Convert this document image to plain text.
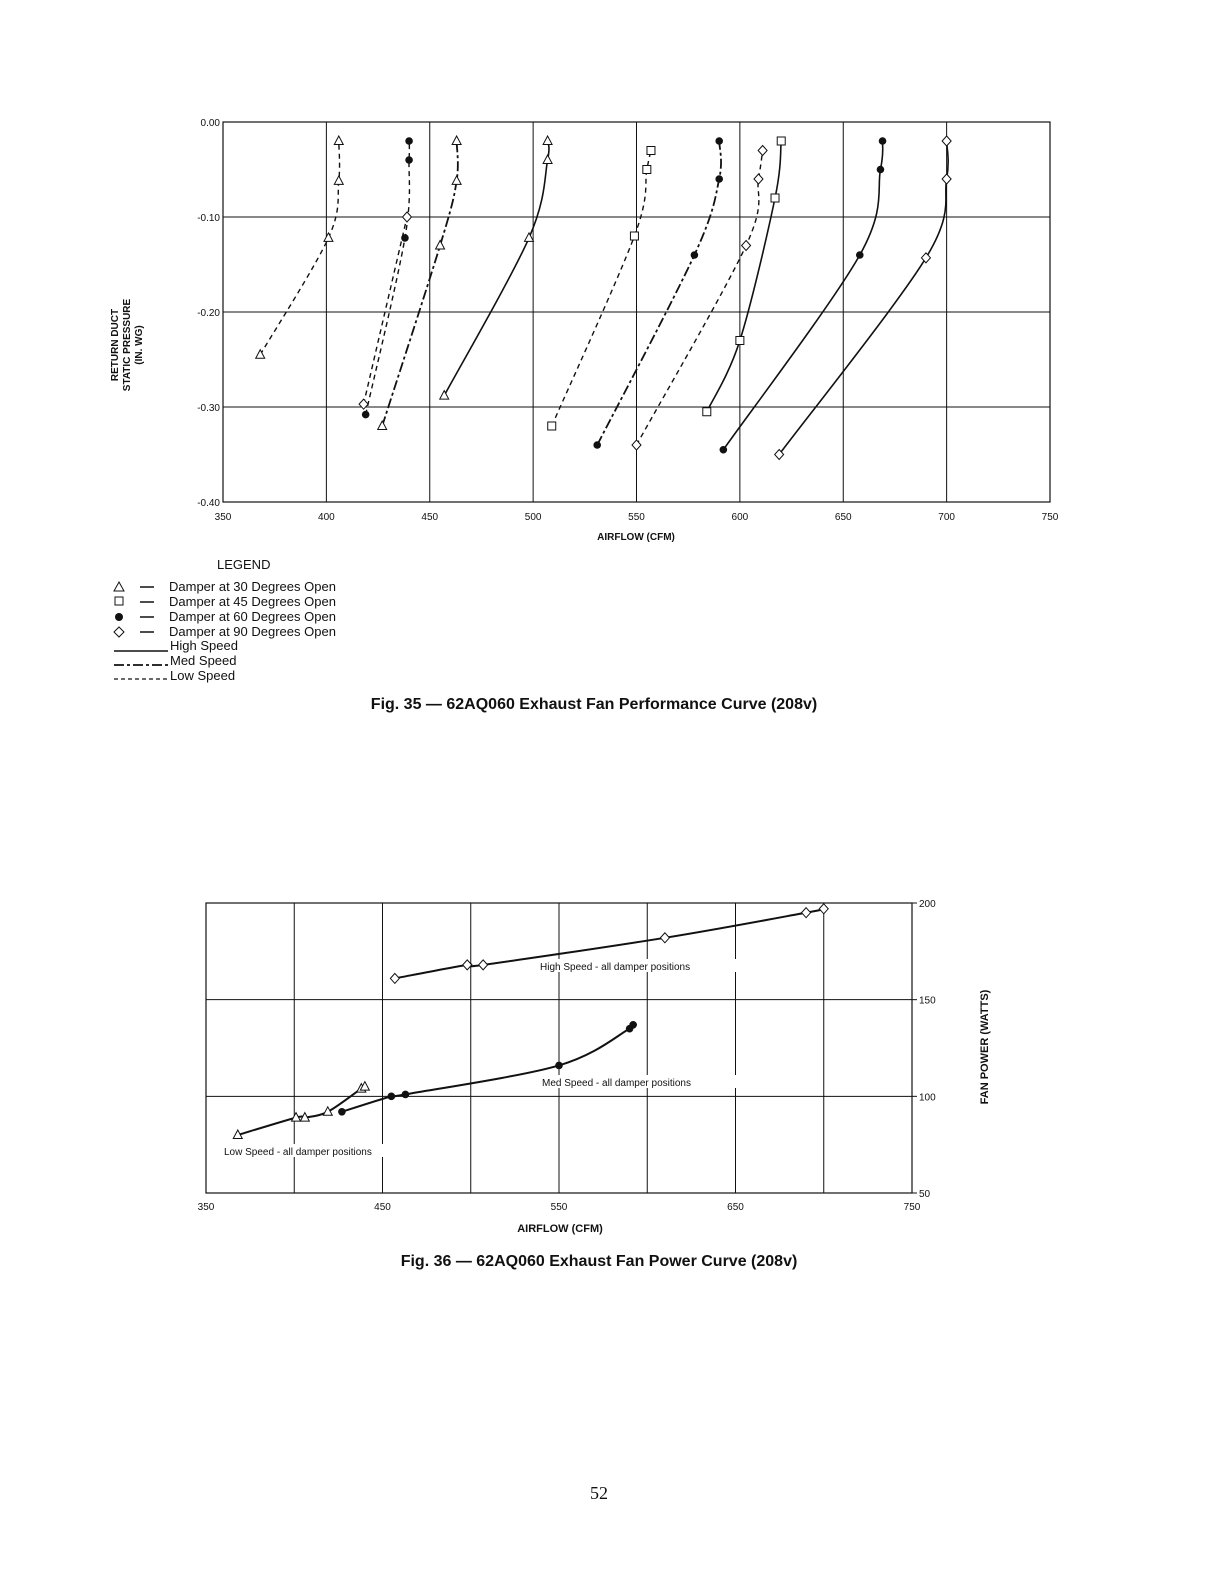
350	400	450	500	550	600	650	700	750
0.00
-0.10
-0.20
-0.30
-0.40
AIRFLOW (CFM)
RETURN DUCT STATIC PRESSURE (IN. WG)
LEGEND
Damper at 30 Degrees Open
Damper at 45 Degrees Open
Damper at 60 Degrees Open
Damper at 90 Degrees Open
High Speed
Med Speed
Low Speed
Fig. 35 — 62AQ060 Exhaust Fan Performance Curve (208v)
350	450	550	650	750
200
150
100
50
AIRFLOW (CFM)
FAN POWER (WATTS)
Fig. 36 — 62AQ060 Exhaust Fan Power Curve (208v)
High Speed - all damper positions
Med Speed - all damper positions
Low Speed - all damper positions
52
